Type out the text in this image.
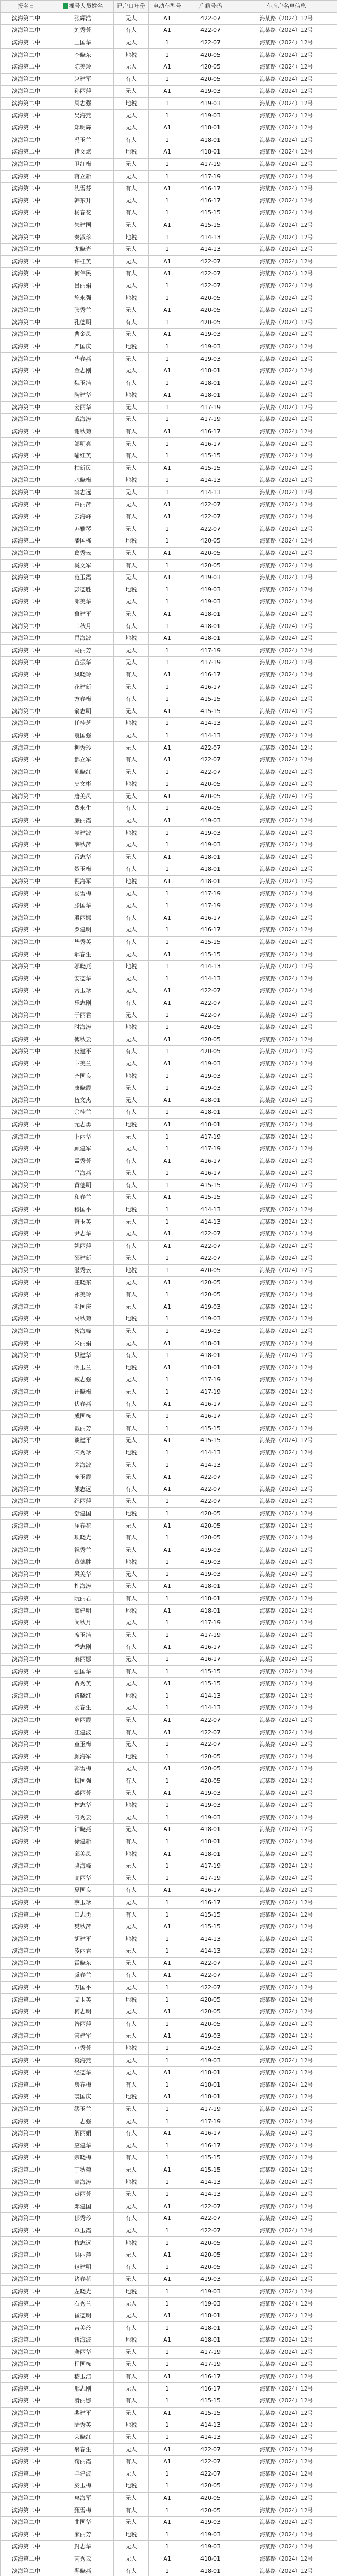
报名日	摇号人员姓名	已户口年份	电动车型号	户籍号码	车牌户名单信息
滨海第二中	张辉浩	无人	A1	422-07	海某路（2024）12号
滨海第二中	刘秀芳	有人	A1	422-07	海某路（2024）12号
滨海第二中	王国华	无人	1	422-07	海某路（2024）12号
滨海第二中	李晓东	地税	1	420-05	海某路（2024）12号
滨海第二中	陈美玲	无人	A1	420-05	海某路（2024）12号
滨海第二中	赵建军	有人	1	420-05	海某路（2024）12号
滨海第二中	孙丽萍	无人	A1	419-03	海某路（2024）12号
滨海第二中	周志强	地税	1	419-03	海某路（2024）12号
滨海第二中	吴海燕	无人	1	419-03	海某路（2024）12号
滨海第二中	郑明辉	无人	A1	418-01	海某路（2024）12号
滨海第二中	冯玉兰	有人	1	418-01	海某路（2024）12号
滨海第二中	褚文斌	地税	A1	418-01	海某路（2024）12号
滨海第二中	卫红梅	无人	1	417-19	海某路（2024）12号
滨海第二中	蒋立新	无人	1	417-19	海某路（2024）12号
滨海第二中	沈雪芬	有人	A1	416-17	海某路（2024）12号
滨海第二中	韩东升	无人	1	416-17	海某路（2024）12号
滨海第二中	杨春花	有人	1	415-15	海某路（2024）12号
滨海第二中	朱建国	无人	A1	415-15	海某路（2024）12号
滨海第二中	秦淑珍	地税	1	414-13	海某路（2024）12号
滨海第二中	尤晓光	无人	1	414-13	海某路（2024）12号
滨海第二中	许桂英	无人	A1	422-07	海某路（2024）12号
滨海第二中	何伟民	有人	A1	422-07	海某路（2024）12号
滨海第二中	吕丽娟	无人	1	422-07	海某路（2024）12号
滨海第二中	施永强	地税	1	420-05	海某路（2024）12号
滨海第二中	张秀兰	无人	A1	420-05	海某路（2024）12号
滨海第二中	孔德明	有人	1	420-05	海某路（2024）12号
滨海第二中	曹金凤	无人	A1	419-03	海某路（2024）12号
滨海第二中	严国庆	地税	1	419-03	海某路（2024）12号
滨海第二中	华春燕	无人	1	419-03	海某路（2024）12号
滨海第二中	金志刚	无人	A1	418-01	海某路（2024）12号
滨海第二中	魏玉洁	有人	1	418-01	海某路（2024）12号
滨海第二中	陶建华	地税	A1	418-01	海某路（2024）12号
滨海第二中	姜丽华	无人	1	417-19	海某路（2024）12号
滨海第二中	戚海涛	无人	1	417-19	海某路（2024）12号
滨海第二中	谢秋菊	有人	A1	416-17	海某路（2024）12号
滨海第二中	邹明亮	无人	1	416-17	海某路（2024）12号
滨海第二中	喻红英	有人	1	415-15	海某路（2024）12号
滨海第二中	柏新民	无人	A1	415-15	海某路（2024）12号
滨海第二中	水晓梅	地税	1	414-13	海某路（2024）12号
滨海第二中	窦志远	无人	1	414-13	海某路（2024）12号
滨海第二中	章丽萍	无人	A1	422-07	海某路（2024）12号
滨海第二中	云海峰	有人	A1	422-07	海某路（2024）12号
滨海第二中	苏雅琴	无人	1	422-07	海某路（2024）12号
滨海第二中	潘国栋	地税	1	420-05	海某路（2024）12号
滨海第二中	葛秀云	无人	A1	420-05	海某路（2024）12号
滨海第二中	奚文军	有人	1	420-05	海某路（2024）12号
滨海第二中	范玉霞	无人	A1	419-03	海某路（2024）12号
滨海第二中	彭德胜	地税	1	419-03	海某路（2024）12号
滨海第二中	郎美华	无人	1	419-03	海某路（2024）12号
滨海第二中	鲁建平	无人	A1	418-01	海某路（2024）12号
滨海第二中	韦秋月	有人	1	418-01	海某路（2024）12号
滨海第二中	昌海波	地税	A1	418-01	海某路（2024）12号
滨海第二中	马丽芳	无人	1	417-19	海某路（2024）12号
滨海第二中	苗振华	无人	1	417-19	海某路（2024）12号
滨海第二中	凤晓玲	有人	A1	416-17	海某路（2024）12号
滨海第二中	花建新	无人	1	416-17	海某路（2024）12号
滨海第二中	方春梅	有人	1	415-15	海某路（2024）12号
滨海第二中	俞志明	无人	A1	415-15	海某路（2024）12号
滨海第二中	任桂芝	地税	1	414-13	海某路（2024）12号
滨海第二中	袁国强	无人	1	414-13	海某路（2024）12号
滨海第二中	柳秀珍	无人	A1	422-07	海某路（2024）12号
滨海第二中	酆立军	有人	A1	422-07	海某路（2024）12号
滨海第二中	鲍晓红	无人	1	422-07	海某路（2024）12号
滨海第二中	史文彬	地税	1	420-05	海某路（2024）12号
滨海第二中	唐美凤	无人	A1	420-05	海某路（2024）12号
滨海第二中	费永生	有人	1	420-05	海某路（2024）12号
滨海第二中	廉丽霞	无人	A1	419-03	海某路（2024）12号
滨海第二中	岑建波	地税	1	419-03	海某路（2024）12号
滨海第二中	薛秋萍	无人	1	419-03	海某路（2024）12号
滨海第二中	雷志华	无人	A1	418-01	海某路（2024）12号
滨海第二中	贺玉梅	有人	1	418-01	海某路（2024）12号
滨海第二中	倪海军	地税	A1	418-01	海某路（2024）12号
滨海第二中	汤雪梅	无人	1	417-19	海某路（2024）12号
滨海第二中	滕国华	无人	1	417-19	海某路（2024）12号
滨海第二中	殷丽娜	有人	A1	416-17	海某路（2024）12号
滨海第二中	罗建明	无人	1	416-17	海某路（2024）12号
滨海第二中	毕秀英	有人	1	415-15	海某路（2024）12号
滨海第二中	郝春生	无人	A1	415-15	海某路（2024）12号
滨海第二中	邬晓燕	地税	1	414-13	海某路（2024）12号
滨海第二中	安德华	无人	1	414-13	海某路（2024）12号
滨海第二中	常玉珍	无人	A1	422-07	海某路（2024）12号
滨海第二中	乐志刚	有人	A1	422-07	海某路（2024）12号
滨海第二中	于丽君	无人	1	422-07	海某路（2024）12号
滨海第二中	时海涛	地税	1	420-05	海某路（2024）12号
滨海第二中	傅秋云	无人	A1	420-05	海某路（2024）12号
滨海第二中	皮建平	有人	1	420-05	海某路（2024）12号
滨海第二中	卞美兰	无人	A1	419-03	海某路（2024）12号
滨海第二中	齐国良	地税	1	419-03	海某路（2024）12号
滨海第二中	康晓霞	无人	1	419-03	海某路（2024）12号
滨海第二中	伍文杰	无人	A1	418-01	海某路（2024）12号
滨海第二中	余桂兰	有人	1	418-01	海某路（2024）12号
滨海第二中	元志勇	地税	A1	418-01	海某路（2024）12号
滨海第二中	卜丽华	无人	1	417-19	海某路（2024）12号
滨海第二中	顾建军	无人	1	417-19	海某路（2024）12号
滨海第二中	孟秀芳	有人	A1	416-17	海某路（2024）12号
滨海第二中	平海燕	无人	1	416-17	海某路（2024）12号
滨海第二中	黄德明	有人	1	415-15	海某路（2024）12号
滨海第二中	和春兰	无人	A1	415-15	海某路（2024）12号
滨海第二中	穆国平	地税	1	414-13	海某路（2024）12号
滨海第二中	萧玉英	无人	1	414-13	海某路（2024）12号
滨海第二中	尹志华	无人	A1	422-07	海某路（2024）12号
滨海第二中	姚丽萍	有人	A1	422-07	海某路（2024）12号
滨海第二中	邵建新	无人	1	422-07	海某路（2024）12号
滨海第二中	湛秀云	地税	1	420-05	海某路（2024）12号
滨海第二中	汪晓东	无人	A1	420-05	海某路（2024）12号
滨海第二中	祁美玲	有人	1	420-05	海某路（2024）12号
滨海第二中	毛国庆	无人	A1	419-03	海某路（2024）12号
滨海第二中	禹秋菊	地税	1	419-03	海某路（2024）12号
滨海第二中	狄海峰	无人	1	419-03	海某路（2024）12号
滨海第二中	米丽娟	无人	A1	418-01	海某路（2024）12号
滨海第二中	贝建华	有人	1	418-01	海某路（2024）12号
滨海第二中	明玉兰	地税	A1	418-01	海某路（2024）12号
滨海第二中	臧志强	无人	1	417-19	海某路（2024）12号
滨海第二中	计晓梅	无人	1	417-19	海某路（2024）12号
滨海第二中	伏春燕	有人	A1	416-17	海某路（2024）12号
滨海第二中	成国栋	无人	1	416-17	海某路（2024）12号
滨海第二中	戴丽芳	有人	1	415-15	海某路（2024）12号
滨海第二中	谈建平	无人	A1	415-15	海某路（2024）12号
滨海第二中	宋秀珍	地税	1	414-13	海某路（2024）12号
滨海第二中	茅海波	无人	1	414-13	海某路（2024）12号
滨海第二中	庞玉霞	无人	A1	422-07	海某路（2024）12号
滨海第二中	熊志远	有人	A1	422-07	海某路（2024）12号
滨海第二中	纪丽萍	无人	1	422-07	海某路（2024）12号
滨海第二中	舒建国	地税	1	420-05	海某路（2024）12号
滨海第二中	屈春花	无人	A1	420-05	海某路（2024）12号
滨海第二中	项晓光	有人	1	420-05	海某路（2024）12号
滨海第二中	祝秀兰	无人	A1	419-03	海某路（2024）12号
滨海第二中	董德胜	地税	1	419-03	海某路（2024）12号
滨海第二中	梁美华	无人	1	419-03	海某路（2024）12号
滨海第二中	杜海涛	无人	A1	418-01	海某路（2024）12号
滨海第二中	阮丽君	有人	1	418-01	海某路（2024）12号
滨海第二中	蓝建明	地税	A1	418-01	海某路（2024）12号
滨海第二中	闵秋月	无人	1	417-19	海某路（2024）12号
滨海第二中	席玉洁	无人	1	417-19	海某路（2024）12号
滨海第二中	季志刚	有人	A1	416-17	海某路（2024）12号
滨海第二中	麻丽娜	无人	1	416-17	海某路（2024）12号
滨海第二中	强国华	有人	1	415-15	海某路（2024）12号
滨海第二中	贾秀英	无人	A1	415-15	海某路（2024）12号
滨海第二中	路晓红	地税	1	414-13	海某路（2024）12号
滨海第二中	娄春生	无人	1	414-13	海某路（2024）12号
滨海第二中	危丽霞	无人	A1	422-07	海某路（2024）12号
滨海第二中	江建波	有人	A1	422-07	海某路（2024）12号
滨海第二中	童玉梅	无人	1	422-07	海某路（2024）12号
滨海第二中	颜海军	地税	1	420-05	海某路（2024）12号
滨海第二中	郭雪梅	无人	A1	420-05	海某路（2024）12号
滨海第二中	梅国强	有人	1	420-05	海某路（2024）12号
滨海第二中	盛丽芳	无人	A1	419-03	海某路（2024）12号
滨海第二中	林志华	地税	1	419-03	海某路（2024）12号
滨海第二中	刁秀云	无人	1	419-03	海某路（2024）12号
滨海第二中	钟晓燕	无人	A1	418-01	海某路（2024）12号
滨海第二中	徐建新	有人	1	418-01	海某路（2024）12号
滨海第二中	邱美凤	地税	A1	418-01	海某路（2024）12号
滨海第二中	骆海峰	无人	1	417-19	海某路（2024）12号
滨海第二中	高丽华	无人	1	417-19	海某路（2024）12号
滨海第二中	夏国良	有人	A1	416-17	海某路（2024）12号
滨海第二中	蔡玉珍	无人	1	416-17	海某路（2024）12号
滨海第二中	田志勇	有人	1	415-15	海某路（2024）12号
滨海第二中	樊秋萍	无人	A1	415-15	海某路（2024）12号
滨海第二中	胡建平	地税	1	414-13	海某路（2024）12号
滨海第二中	凌丽君	无人	1	414-13	海某路（2024）12号
滨海第二中	霍晓东	无人	A1	422-07	海某路（2024）12号
滨海第二中	虞春兰	有人	A1	422-07	海某路（2024）12号
滨海第二中	万国平	无人	1	422-07	海某路（2024）12号
滨海第二中	支玉英	地税	1	420-05	海某路（2024）12号
滨海第二中	柯志明	无人	A1	420-05	海某路（2024）12号
滨海第二中	昝丽萍	有人	1	420-05	海某路（2024）12号
滨海第二中	管建军	无人	A1	419-03	海某路（2024）12号
滨海第二中	卢秀芳	地税	1	419-03	海某路（2024）12号
滨海第二中	莫海燕	无人	1	419-03	海某路（2024）12号
滨海第二中	经德华	无人	A1	418-01	海某路（2024）12号
滨海第二中	房春梅	有人	1	418-01	海某路（2024）12号
滨海第二中	裘国庆	地税	A1	418-01	海某路（2024）12号
滨海第二中	缪玉兰	无人	1	417-19	海某路（2024）12号
滨海第二中	干志强	无人	1	417-19	海某路（2024）12号
滨海第二中	解丽娟	有人	A1	416-17	海某路（2024）12号
滨海第二中	应建华	无人	1	416-17	海某路（2024）12号
滨海第二中	宗晓梅	有人	1	415-15	海某路（2024）12号
滨海第二中	丁秋菊	无人	A1	415-15	海某路（2024）12号
滨海第二中	宣海涛	地税	1	414-13	海某路（2024）12号
滨海第二中	贲丽芳	无人	1	414-13	海某路（2024）12号
滨海第二中	邓建国	无人	A1	422-07	海某路（2024）12号
滨海第二中	郁秀珍	有人	A1	422-07	海某路（2024）12号
滨海第二中	单玉霞	无人	1	422-07	海某路（2024）12号
滨海第二中	杭志远	地税	1	420-05	海某路（2024）12号
滨海第二中	洪丽萍	无人	A1	420-05	海某路（2024）12号
滨海第二中	包建明	有人	1	420-05	海某路（2024）12号
滨海第二中	诸春花	无人	A1	419-03	海某路（2024）12号
滨海第二中	左晓光	地税	1	419-03	海某路（2024）12号
滨海第二中	石秀兰	无人	1	419-03	海某路（2024）12号
滨海第二中	崔德明	无人	A1	418-01	海某路（2024）12号
滨海第二中	吉美玲	有人	1	418-01	海某路（2024）12号
滨海第二中	钮海波	地税	A1	418-01	海某路（2024）12号
滨海第二中	龚丽华	无人	1	417-19	海某路（2024）12号
滨海第二中	程国栋	无人	1	417-19	海某路（2024）12号
滨海第二中	嵇玉洁	有人	A1	416-17	海某路（2024）12号
滨海第二中	邢志刚	无人	1	416-17	海某路（2024）12号
滨海第二中	滑丽娜	有人	1	415-15	海某路（2024）12号
滨海第二中	裴建平	无人	A1	415-15	海某路（2024）12号
滨海第二中	陆秀英	地税	1	414-13	海某路（2024）12号
滨海第二中	荣晓红	无人	1	414-13	海某路（2024）12号
滨海第二中	翁春生	无人	A1	422-07	海某路（2024）12号
滨海第二中	荀丽霞	有人	A1	422-07	海某路（2024）12号
滨海第二中	羊建波	无人	1	422-07	海某路（2024）12号
滨海第二中	於玉梅	地税	1	420-05	海某路（2024）12号
滨海第二中	惠海军	无人	A1	420-05	海某路（2024）12号
滨海第二中	甄雪梅	有人	1	420-05	海某路（2024）12号
滨海第二中	曲国华	无人	A1	419-03	海某路（2024）12号
滨海第二中	家丽芳	地税	1	419-03	海某路（2024）12号
滨海第二中	封志华	无人	1	419-03	海某路（2024）12号
滨海第二中	芮秀云	无人	A1	418-01	海某路（2024）12号
滨海第二中	羿晓燕	有人	1	418-01	海某路（2024）12号
